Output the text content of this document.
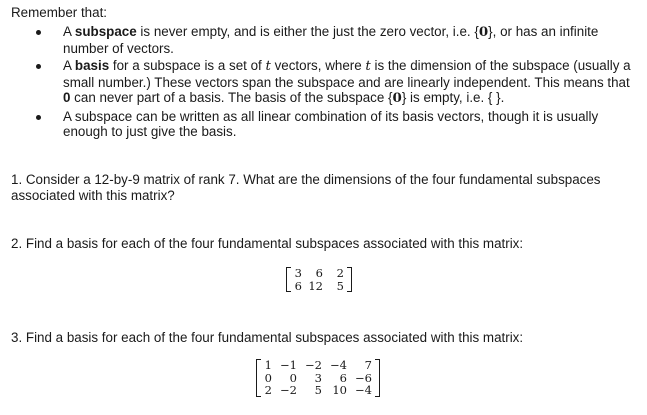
Remember that:
A subspace is never empty, and is either the just the zero vector, i.e. {0}, or has an infinite number of vectors.
A basis for a subspace is a set of t vectors, where t is the dimension of the subspace (usually a small number.) These vectors span the subspace and are linearly independent. This means that 0 can never part of a basis. The basis of the subspace {0} is empty, i.e. { }.
A subspace can be written as all linear combination of its basis vectors, though it is usually enough to just give the basis.
1. Consider a 12-by-9 matrix of rank 7. What are the dimensions of the four fundamental subspaces associated with this matrix?
2. Find a basis for each of the four fundamental subspaces associated with this matrix:
3	6	2
6	12	5
3. Find a basis for each of the four fundamental subspaces associated with this matrix:
1	−1	−2	−4	7
0	0	3	6	−6
2	−2	5	10	−4
